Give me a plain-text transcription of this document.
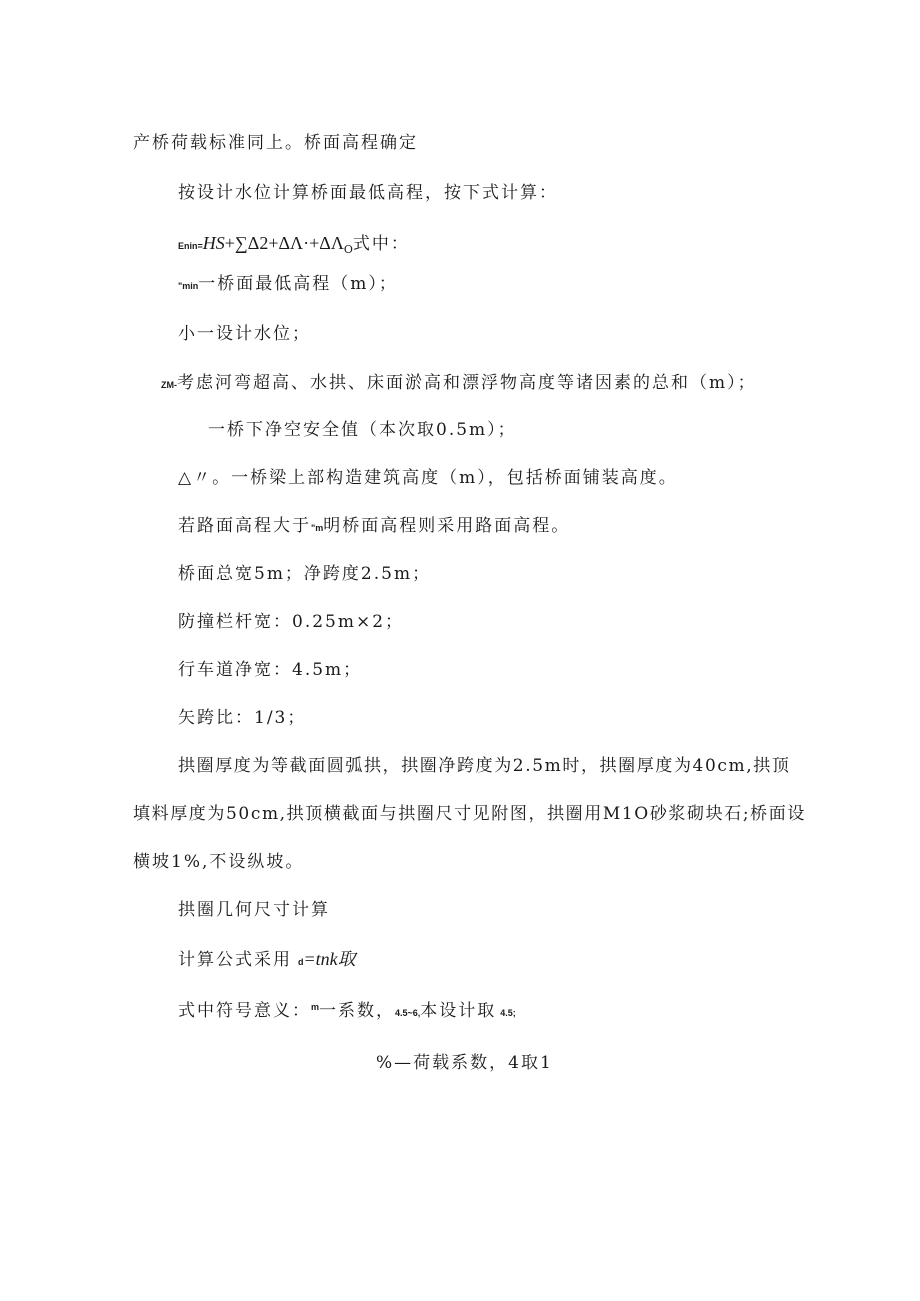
产桥荷载标准同上。桥面高程确定
按设计水位计算桥面最低高程，按下式计算：
$Enin=HS+\sum\Delta 2+\Delta\Lambda\cdot+\Delta\Lambda_O$式中：
"min一桥面最低高程（m）；
小一设计水位；
ZM-考虑河弯超高、水拱、床面淤高和漂浮物高度等诸因素的总和（m）；
一桥下净空安全值（本次取0.5m）；
△〃。一桥梁上部构造建筑高度（m），包括桥面铺装高度。
若路面高程大于"m明桥面高程则采用路面高程。
桥面总宽5m；净跨度2.5m；
防撞栏杆宽：0.25m×2；
行车道净宽：4.5m；
矢跨比：1/3；
拱圈厚度为等截面圆弧拱，拱圈净跨度为2.5m时，拱圈厚度为40cm,拱顶
填料厚度为50cm,拱顶横截面与拱圈尺寸见附图，拱圈用M1O砂浆砌块石;桥面设
横坡1%,不设纵坡。
拱圈几何尺寸计算
计算公式采用 d=tnk取
式中符号意义：$^m$一系数，4.5~6,本设计取 4.5;
%—荷载系数，4取1
